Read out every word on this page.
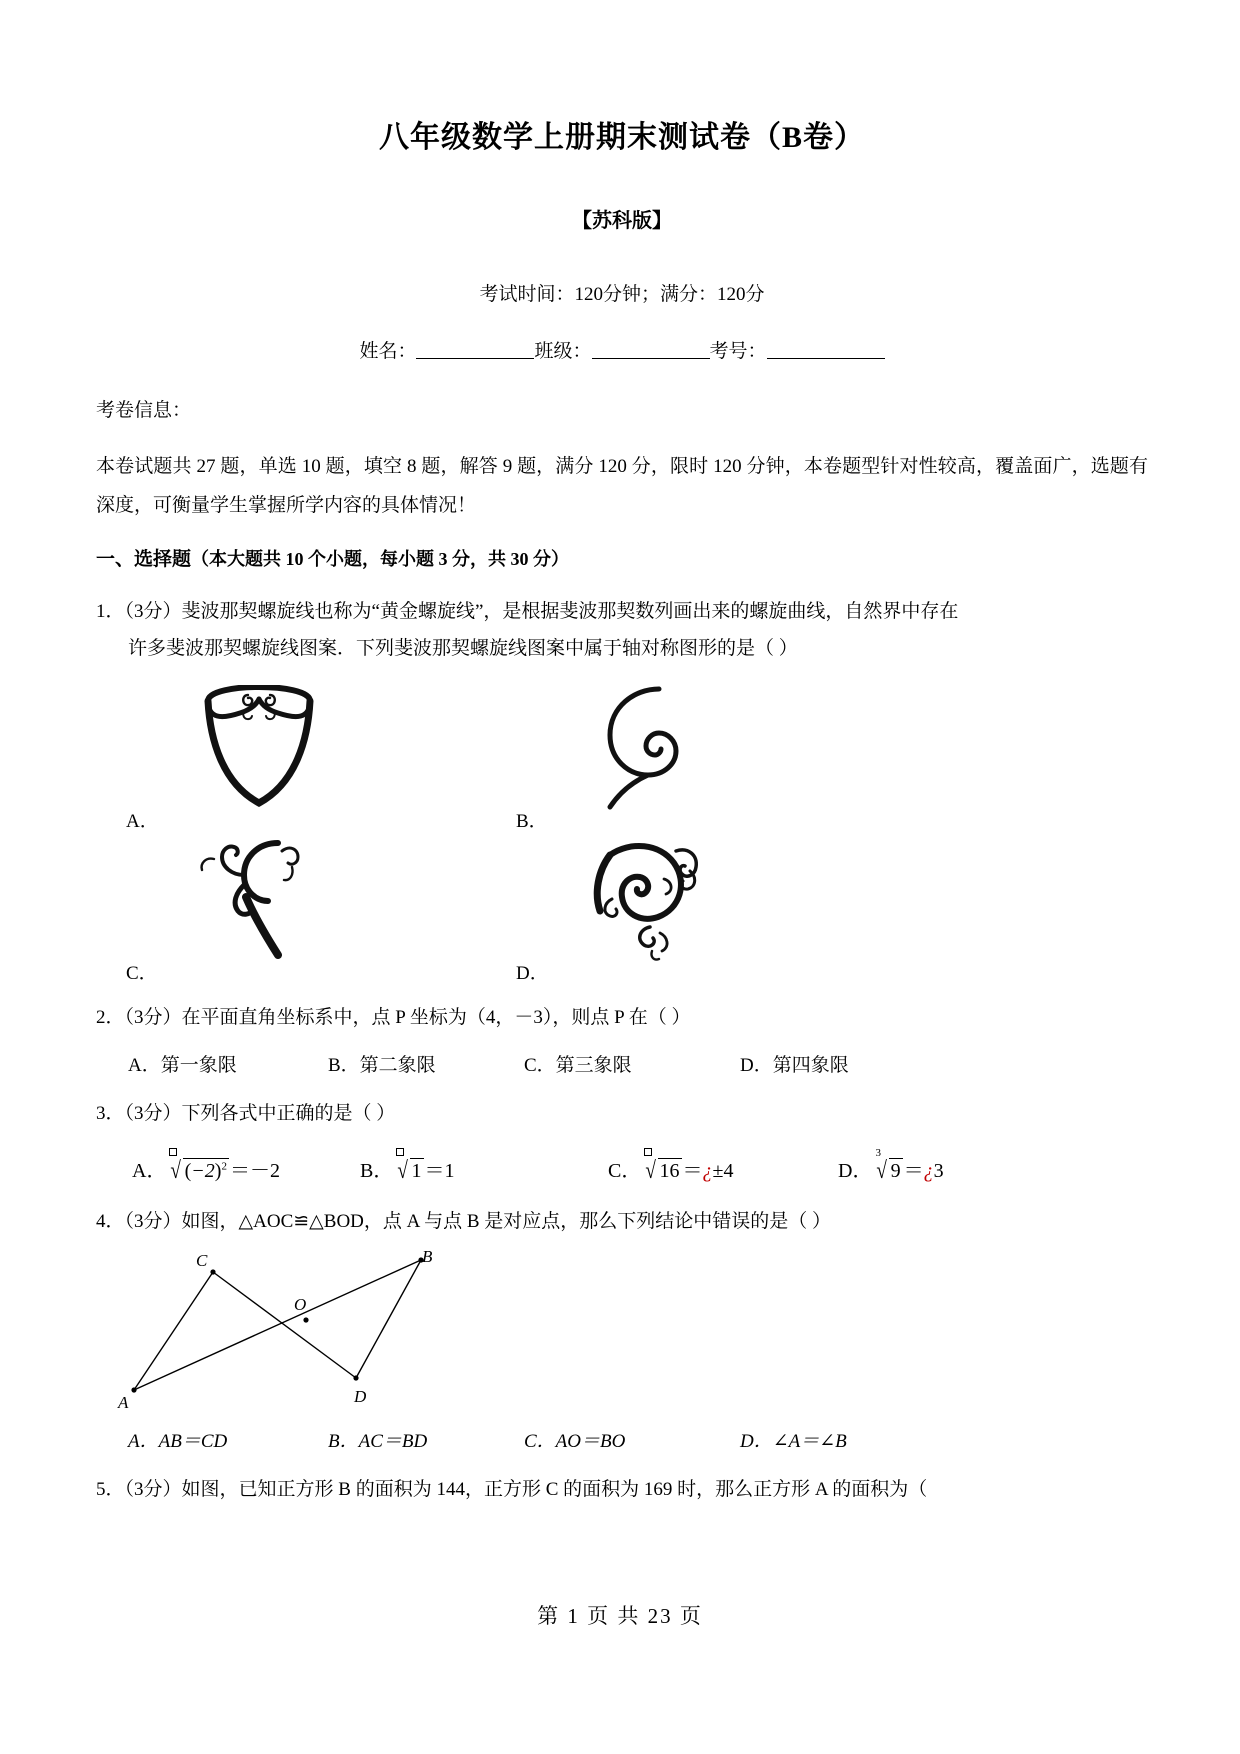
八年级数学上册期末测试卷（B卷）
【苏科版】
考试时间：120分钟；满分：120分
姓名：	班级：	考号：
考卷信息：
本卷试题共 27 题，单选 10 题，填空 8 题，解答 9 题，满分 120 分，限时 120 分钟，本卷题型针对性较高，覆盖面广，选题有深度，可衡量学生掌握所学内容的具体情况！
一、选择题（本大题共 10 个小题，每小题 3 分，共 30 分）
1．（3分）斐波那契螺旋线也称为“黄金螺旋线”，是根据斐波那契数列画出来的螺旋曲线，自然界中存在
许多斐波那契螺旋线图案．下列斐波那契螺旋线图案中属于轴对称图形的是（ ）
A．	B．
C．	D．
2．（3分）在平面直角坐标系中，点 P 坐标为（4，－3），则点 P 在（ ）
A．第一象限	B．第二象限	C．第三象限	D．第四象限
3．（3分）下列各式中正确的是（ ）
A． √ $(-2)^2 =-2$	B． √ 1 ＝1	C． √ 16 ＝ ¿ ±4	D．
3
√ 9 ＝ ¿ 3
4．（3分）如图，△AOC≌△BOD，点 A 与点 B 是对应点，那么下列结论中错误的是（ ）
C	B
O
A	D
A．AB＝CD	B．AC＝BD	C．AO＝BO	D．∠A＝∠B
5．（3分）如图，已知正方形 B 的面积为 144，正方形 C 的面积为 169 时，那么正方形 A 的面积为（
第 1 页 共 23 页
